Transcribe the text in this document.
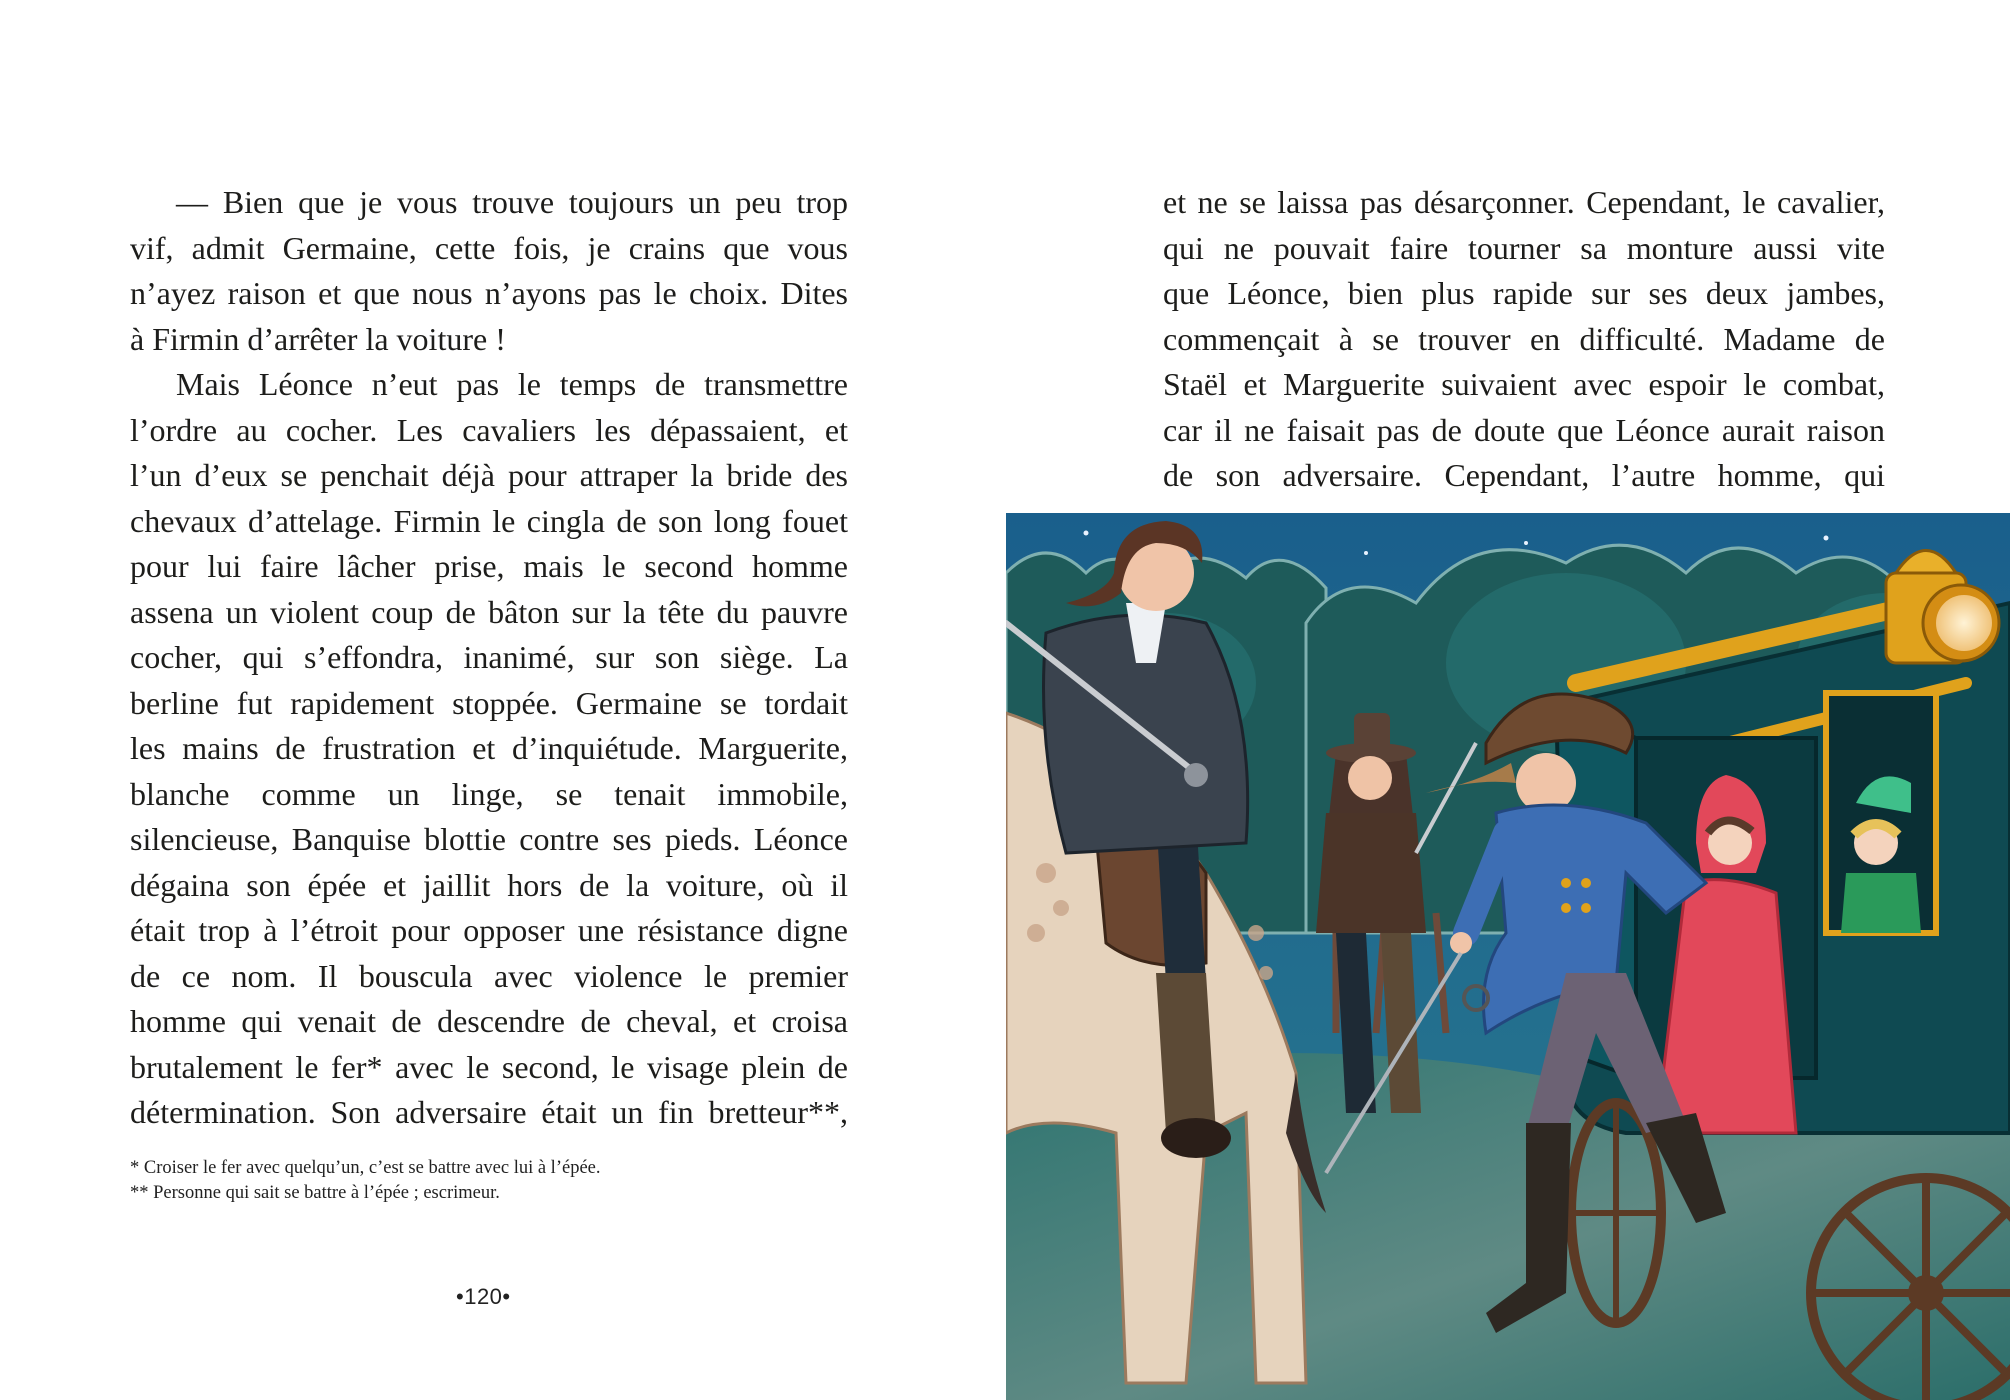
— Bien que je vous trouve toujours un peu trop
vif, admit Germaine, cette fois, je crains que vous
n’ayez raison et que nous n’ayons pas le choix. Dites
à Firmin d’arrêter la voiture !
Mais Léonce n’eut pas le temps de transmettre
l’ordre au cocher. Les cavaliers les dépassaient, et
l’un d’eux se penchait déjà pour attraper la bride des
chevaux d’attelage. Firmin le cingla de son long fouet
pour lui faire lâcher prise, mais le second homme
assena un violent coup de bâton sur la tête du pauvre
cocher, qui s’effondra, inanimé, sur son siège. La
berline fut rapidement stoppée. Germaine se tordait
les mains de frustration et d’inquiétude. Marguerite,
blanche comme un linge, se tenait immobile,
silencieuse, Banquise blottie contre ses pieds. Léonce
dégaina son épée et jaillit hors de la voiture, où il
était trop à l’étroit pour opposer une résistance digne
de ce nom. Il bouscula avec violence le premier
homme qui venait de descendre de cheval, et croisa
brutalement le fer* avec le second, le visage plein de
détermination. Son adversaire était un fin bretteur**,
* Croiser le fer avec quelqu’un, c’est se battre avec lui à l’épée.
** Personne qui sait se battre à l’épée ; escrimeur.
•120•
et ne se laissa pas désarçonner. Cependant, le cavalier,
qui ne pouvait faire tourner sa monture aussi vite
que Léonce, bien plus rapide sur ses deux jambes,
commençait à se trouver en difficulté. Madame de
Staël et Marguerite suivaient avec espoir le combat,
car il ne faisait pas de doute que Léonce aurait raison
de son adversaire. Cependant, l’autre homme, qui
